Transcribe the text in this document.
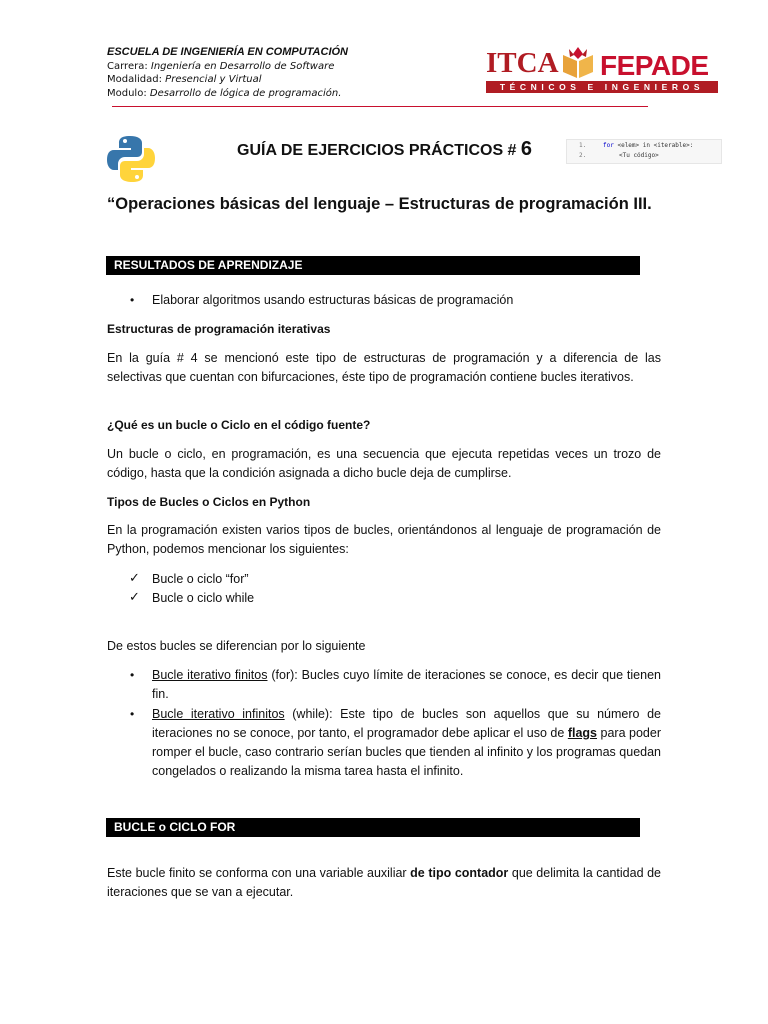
ESCUELA DE INGENIERÍA EN COMPUTACIÓN
Carrera: Ingeniería en Desarrollo de Software
Modalidad: Presencial y Virtual
Modulo: Desarrollo de lógica de programación.
ITCA FEPADE
TÉCNICOS E INGENIEROS
GUÍA DE EJERCICIOS PRÁCTICOS # 6	1.	for <elem> in <iterable>:
2.	<Tu código>
“Operaciones básicas del lenguaje – Estructuras de programación III.
RESULTADOS DE APRENDIZAJE
•	Elaborar algoritmos usando estructuras básicas de programación
Estructuras de programación iterativas
En la guía # 4 se mencionó este tipo de estructuras de programación y a diferencia de las selectivas que cuentan con bifurcaciones, éste tipo de programación contiene bucles iterativos.
¿Qué es un bucle o Ciclo en el código fuente?
Un bucle o ciclo, en programación, es una secuencia que ejecuta repetidas veces un trozo de código, hasta que la condición asignada a dicho bucle deja de cumplirse.
Tipos de Bucles o Ciclos en Python
En la programación existen varios tipos de bucles, orientándonos al lenguaje de programación de Python, podemos mencionar los siguientes:
✓ Bucle o ciclo “for”
✓ Bucle o ciclo while
De estos bucles se diferencian por lo siguiente
•	Bucle iterativo finitos (for): Bucles cuyo límite de iteraciones se conoce, es decir que tienen fin.
•	Bucle iterativo infinitos (while): Este tipo de bucles son aquellos que su número de iteraciones no se conoce, por tanto, el programador debe aplicar el uso de flags para poder romper el bucle, caso contrario serían bucles que tienden al infinito y los programas quedan congelados o realizando la misma tarea hasta el infinito.
BUCLE o CICLO FOR
Este bucle finito se conforma con una variable auxiliar de tipo contador que delimita la cantidad de iteraciones que se van a ejecutar.
